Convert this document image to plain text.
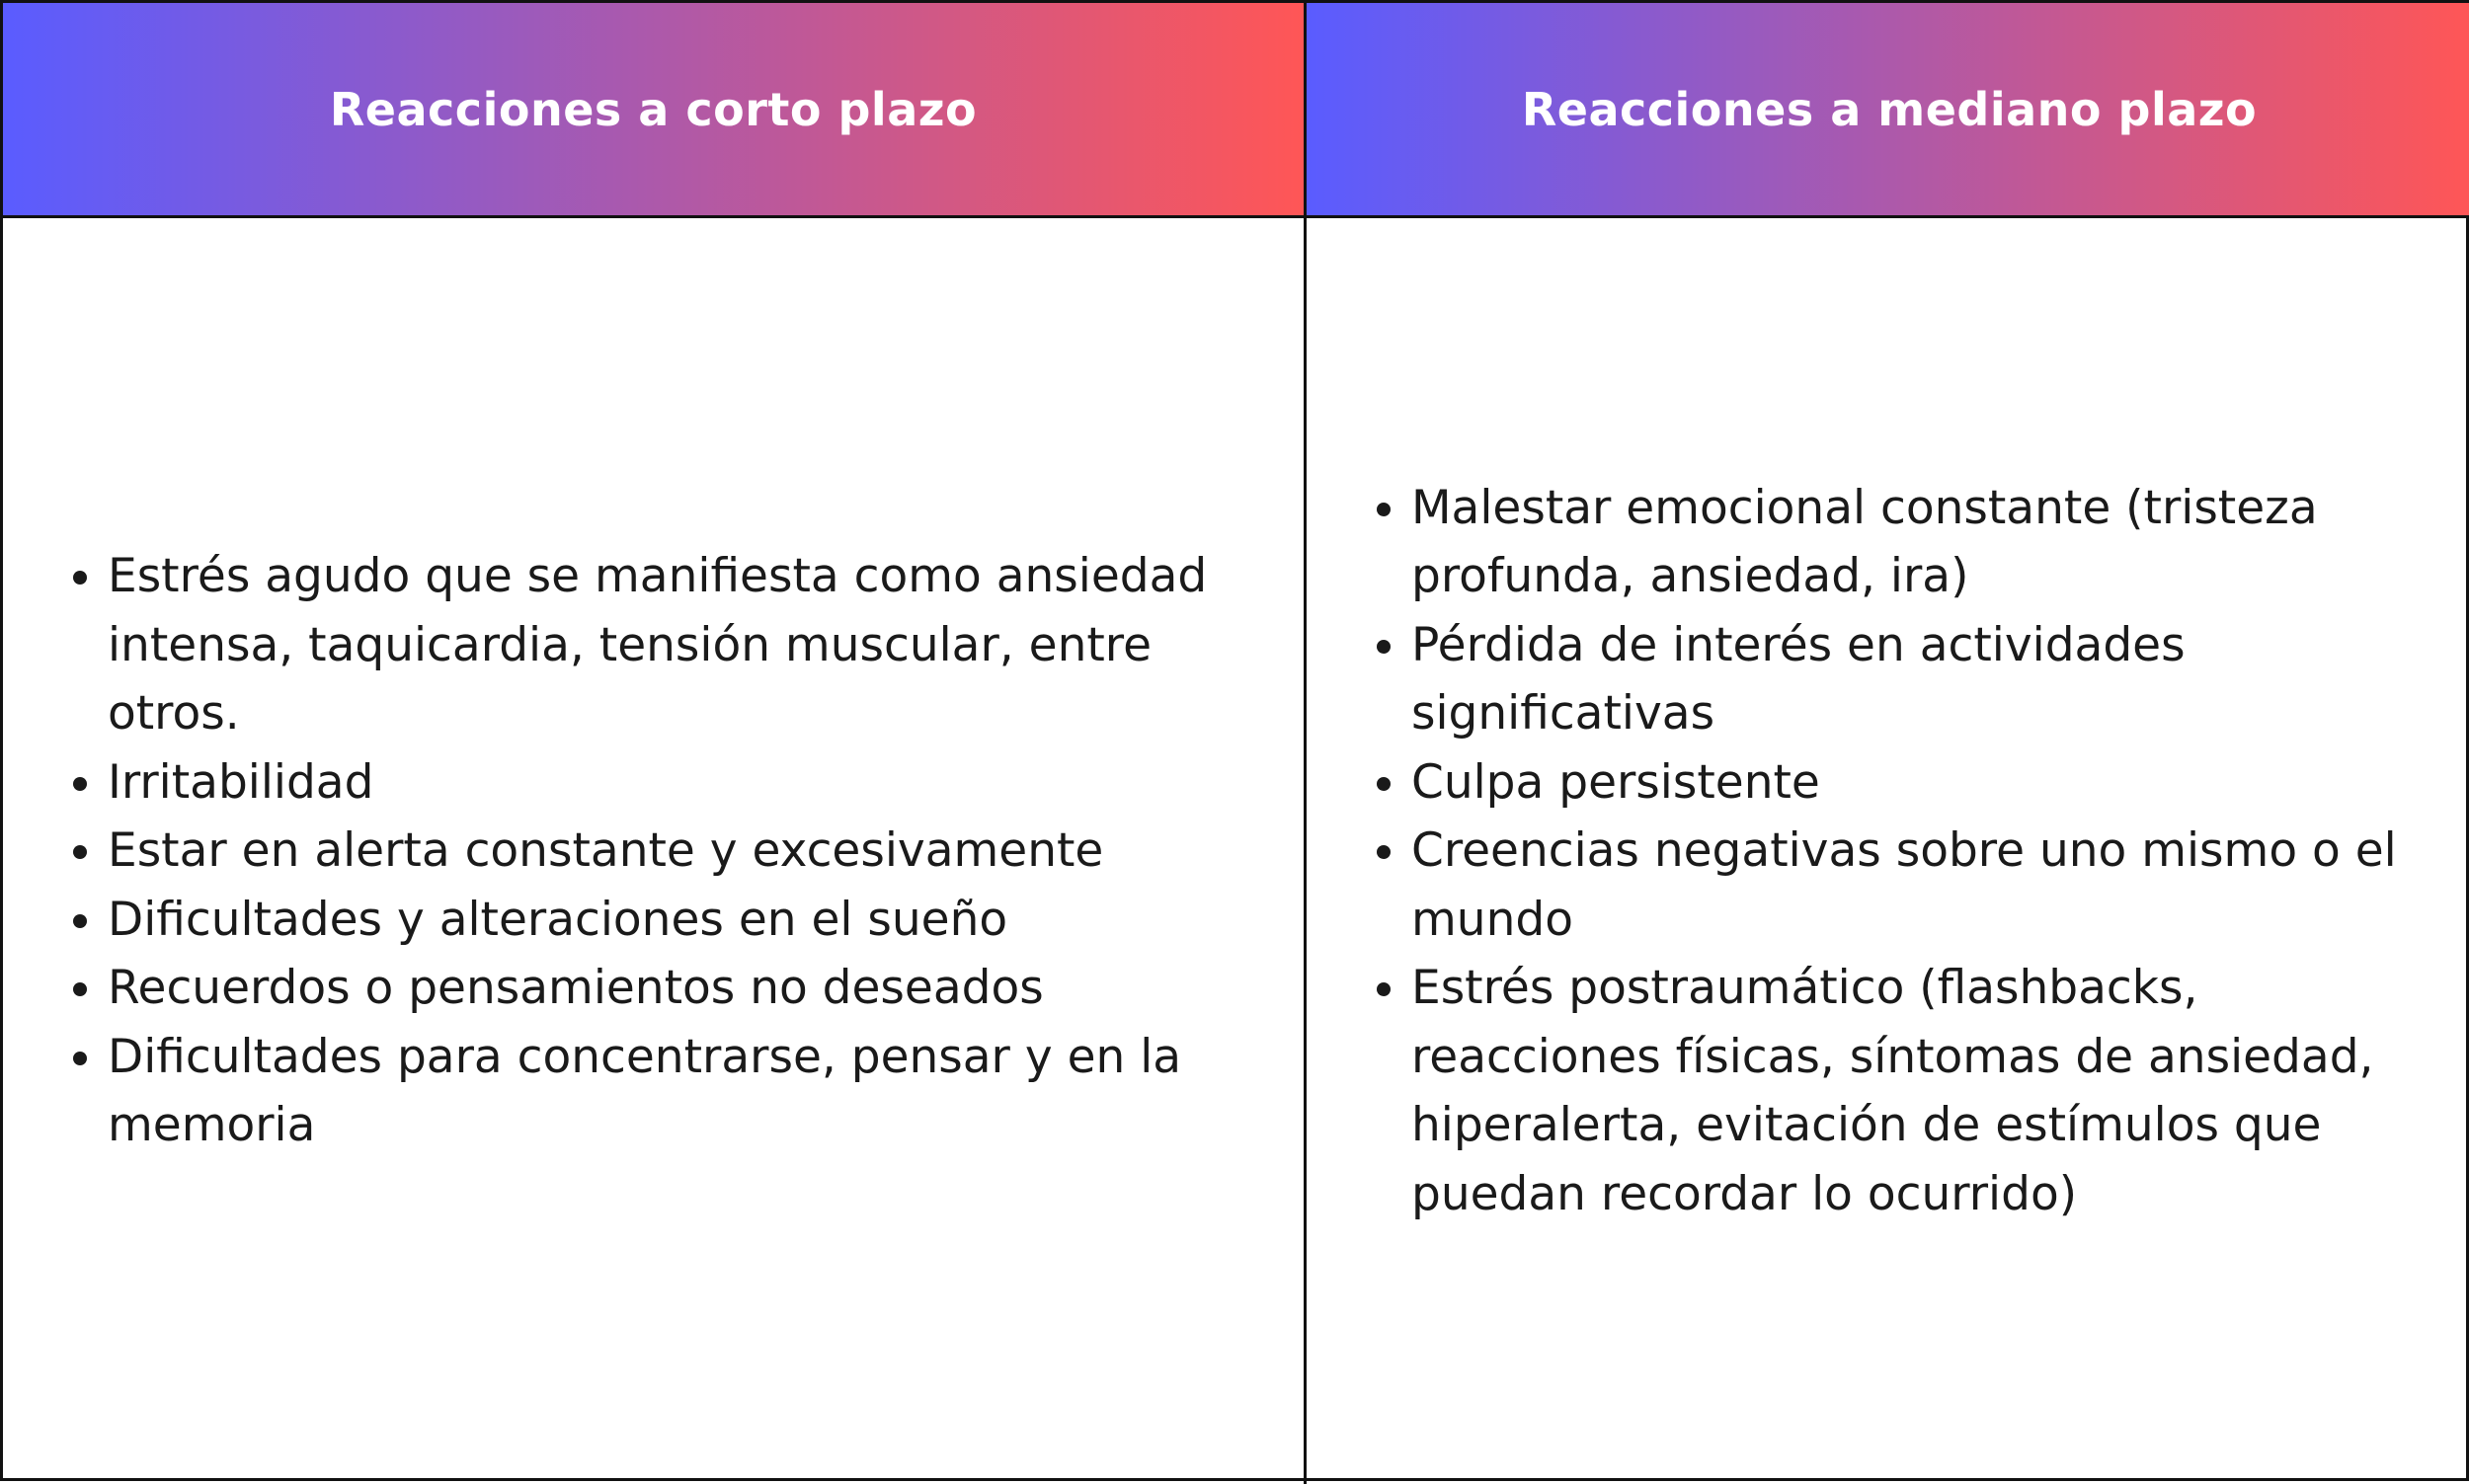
Reacciones a corto plazo	Reacciones a mediano plazo
Estrés agudo que se manifiesta como ansiedad intensa, taquicardia, tensión muscular, entre otros.
Irritabilidad
Estar en alerta constante y excesivamente
Dificultades y alteraciones en el sueño
Recuerdos o pensamientos no deseados
Dificultades para concentrarse, pensar y en la memoria
Malestar emocional constante (tristeza profunda, ansiedad, ira)
Pérdida de interés en actividades significativas
Culpa persistente
Creencias negativas sobre uno mismo o el mundo
Estrés postraumático (flashbacks, reacciones físicas, síntomas de ansiedad, hiperalerta, evitación de estímulos que puedan recordar lo ocurrido)
